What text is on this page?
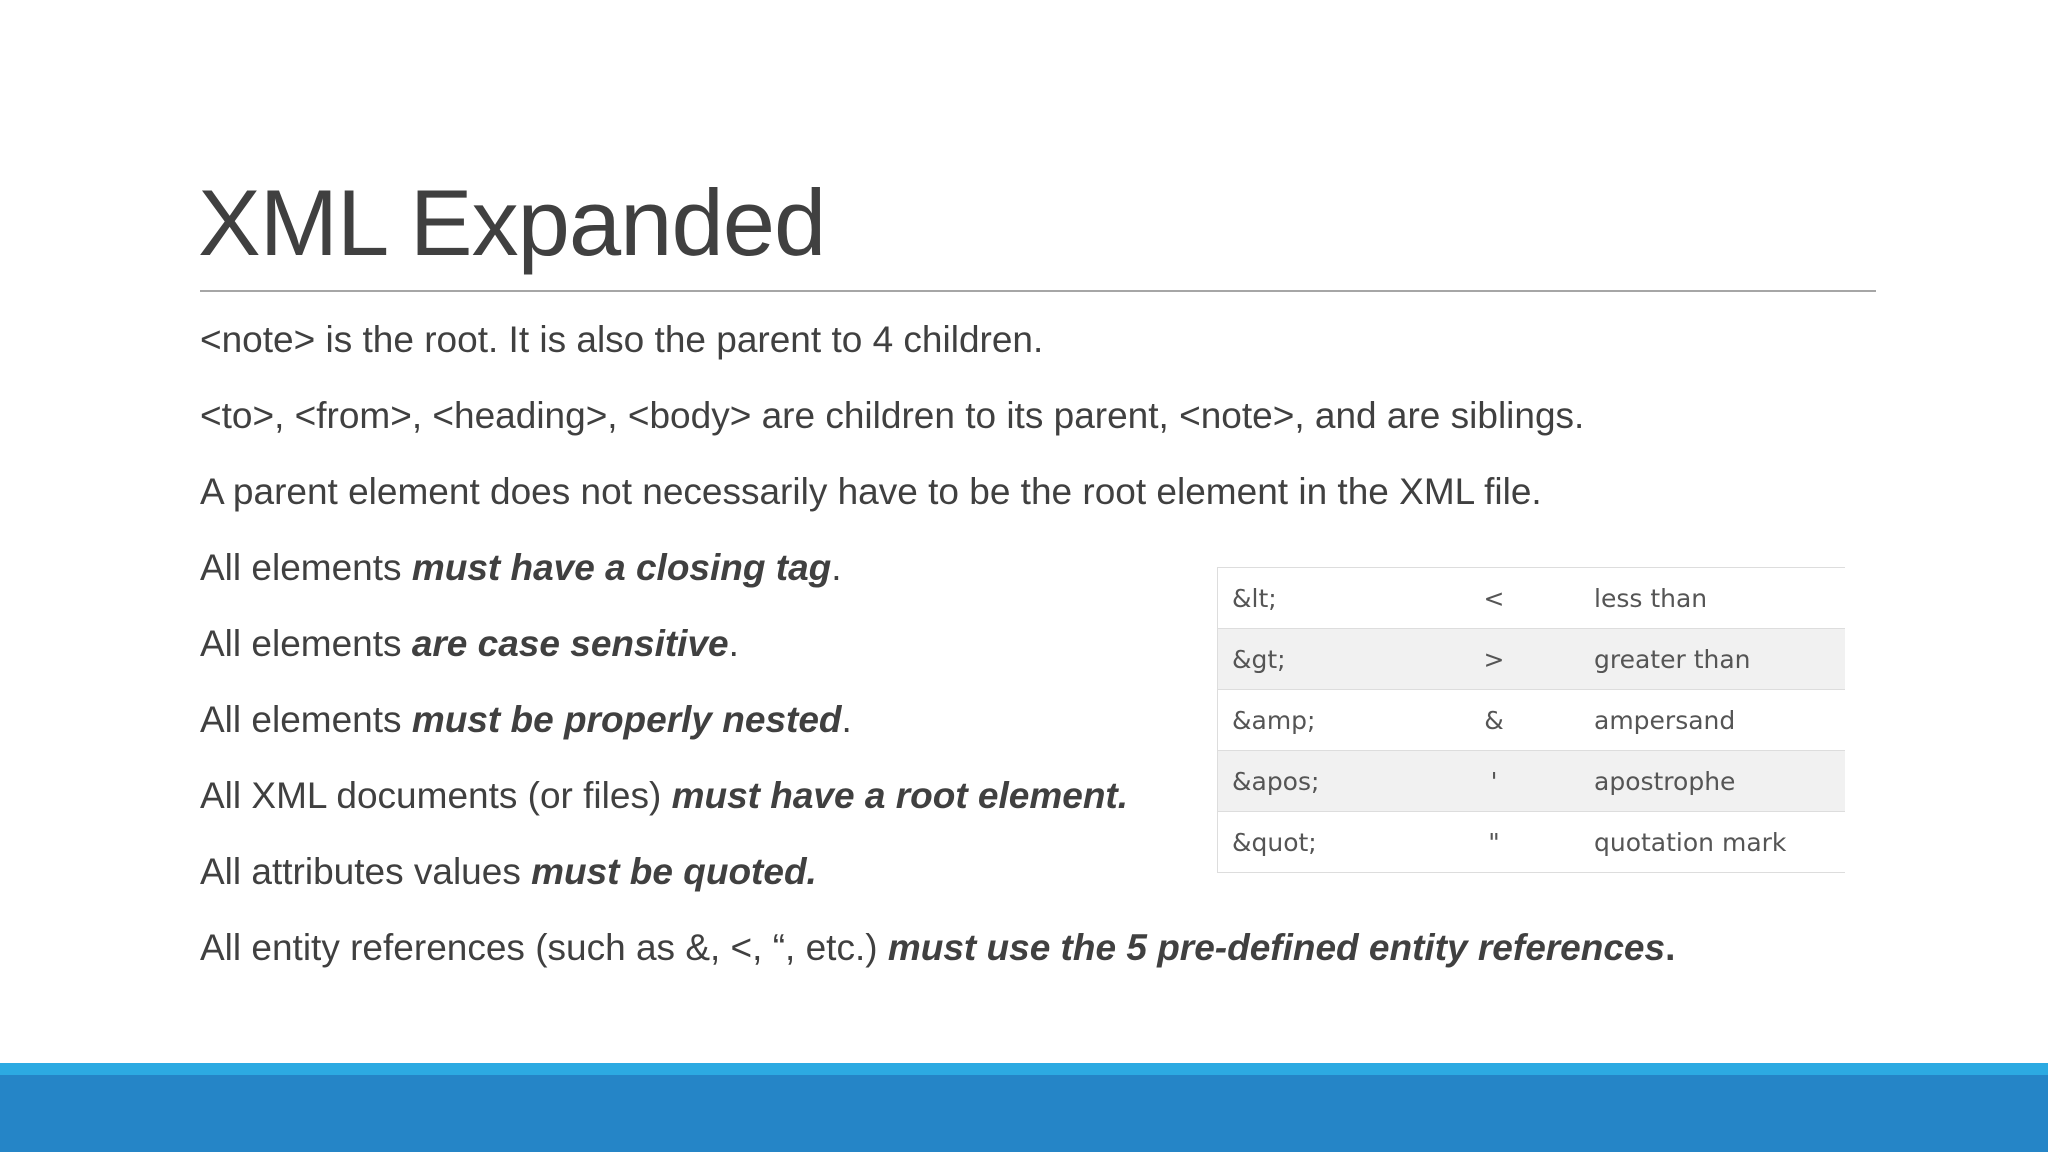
XML Expanded
<note> is the root. It is also the parent to 4 children.
<to>, <from>, <heading>, <body> are children to its parent, <note>, and are siblings.
A parent element does not necessarily have to be the root element in the XML file.
All elements must have a closing tag.
All elements are case sensitive.
All elements must be properly nested.
All XML documents (or files) must have a root element.
All attributes values must be quoted.
All entity references (such as &, <, “, etc.) must use the 5 pre-defined entity references.
&lt;	<	less than
&gt;	>	greater than
&amp;	&	ampersand
&apos;	'	apostrophe
&quot;	"	quotation mark
